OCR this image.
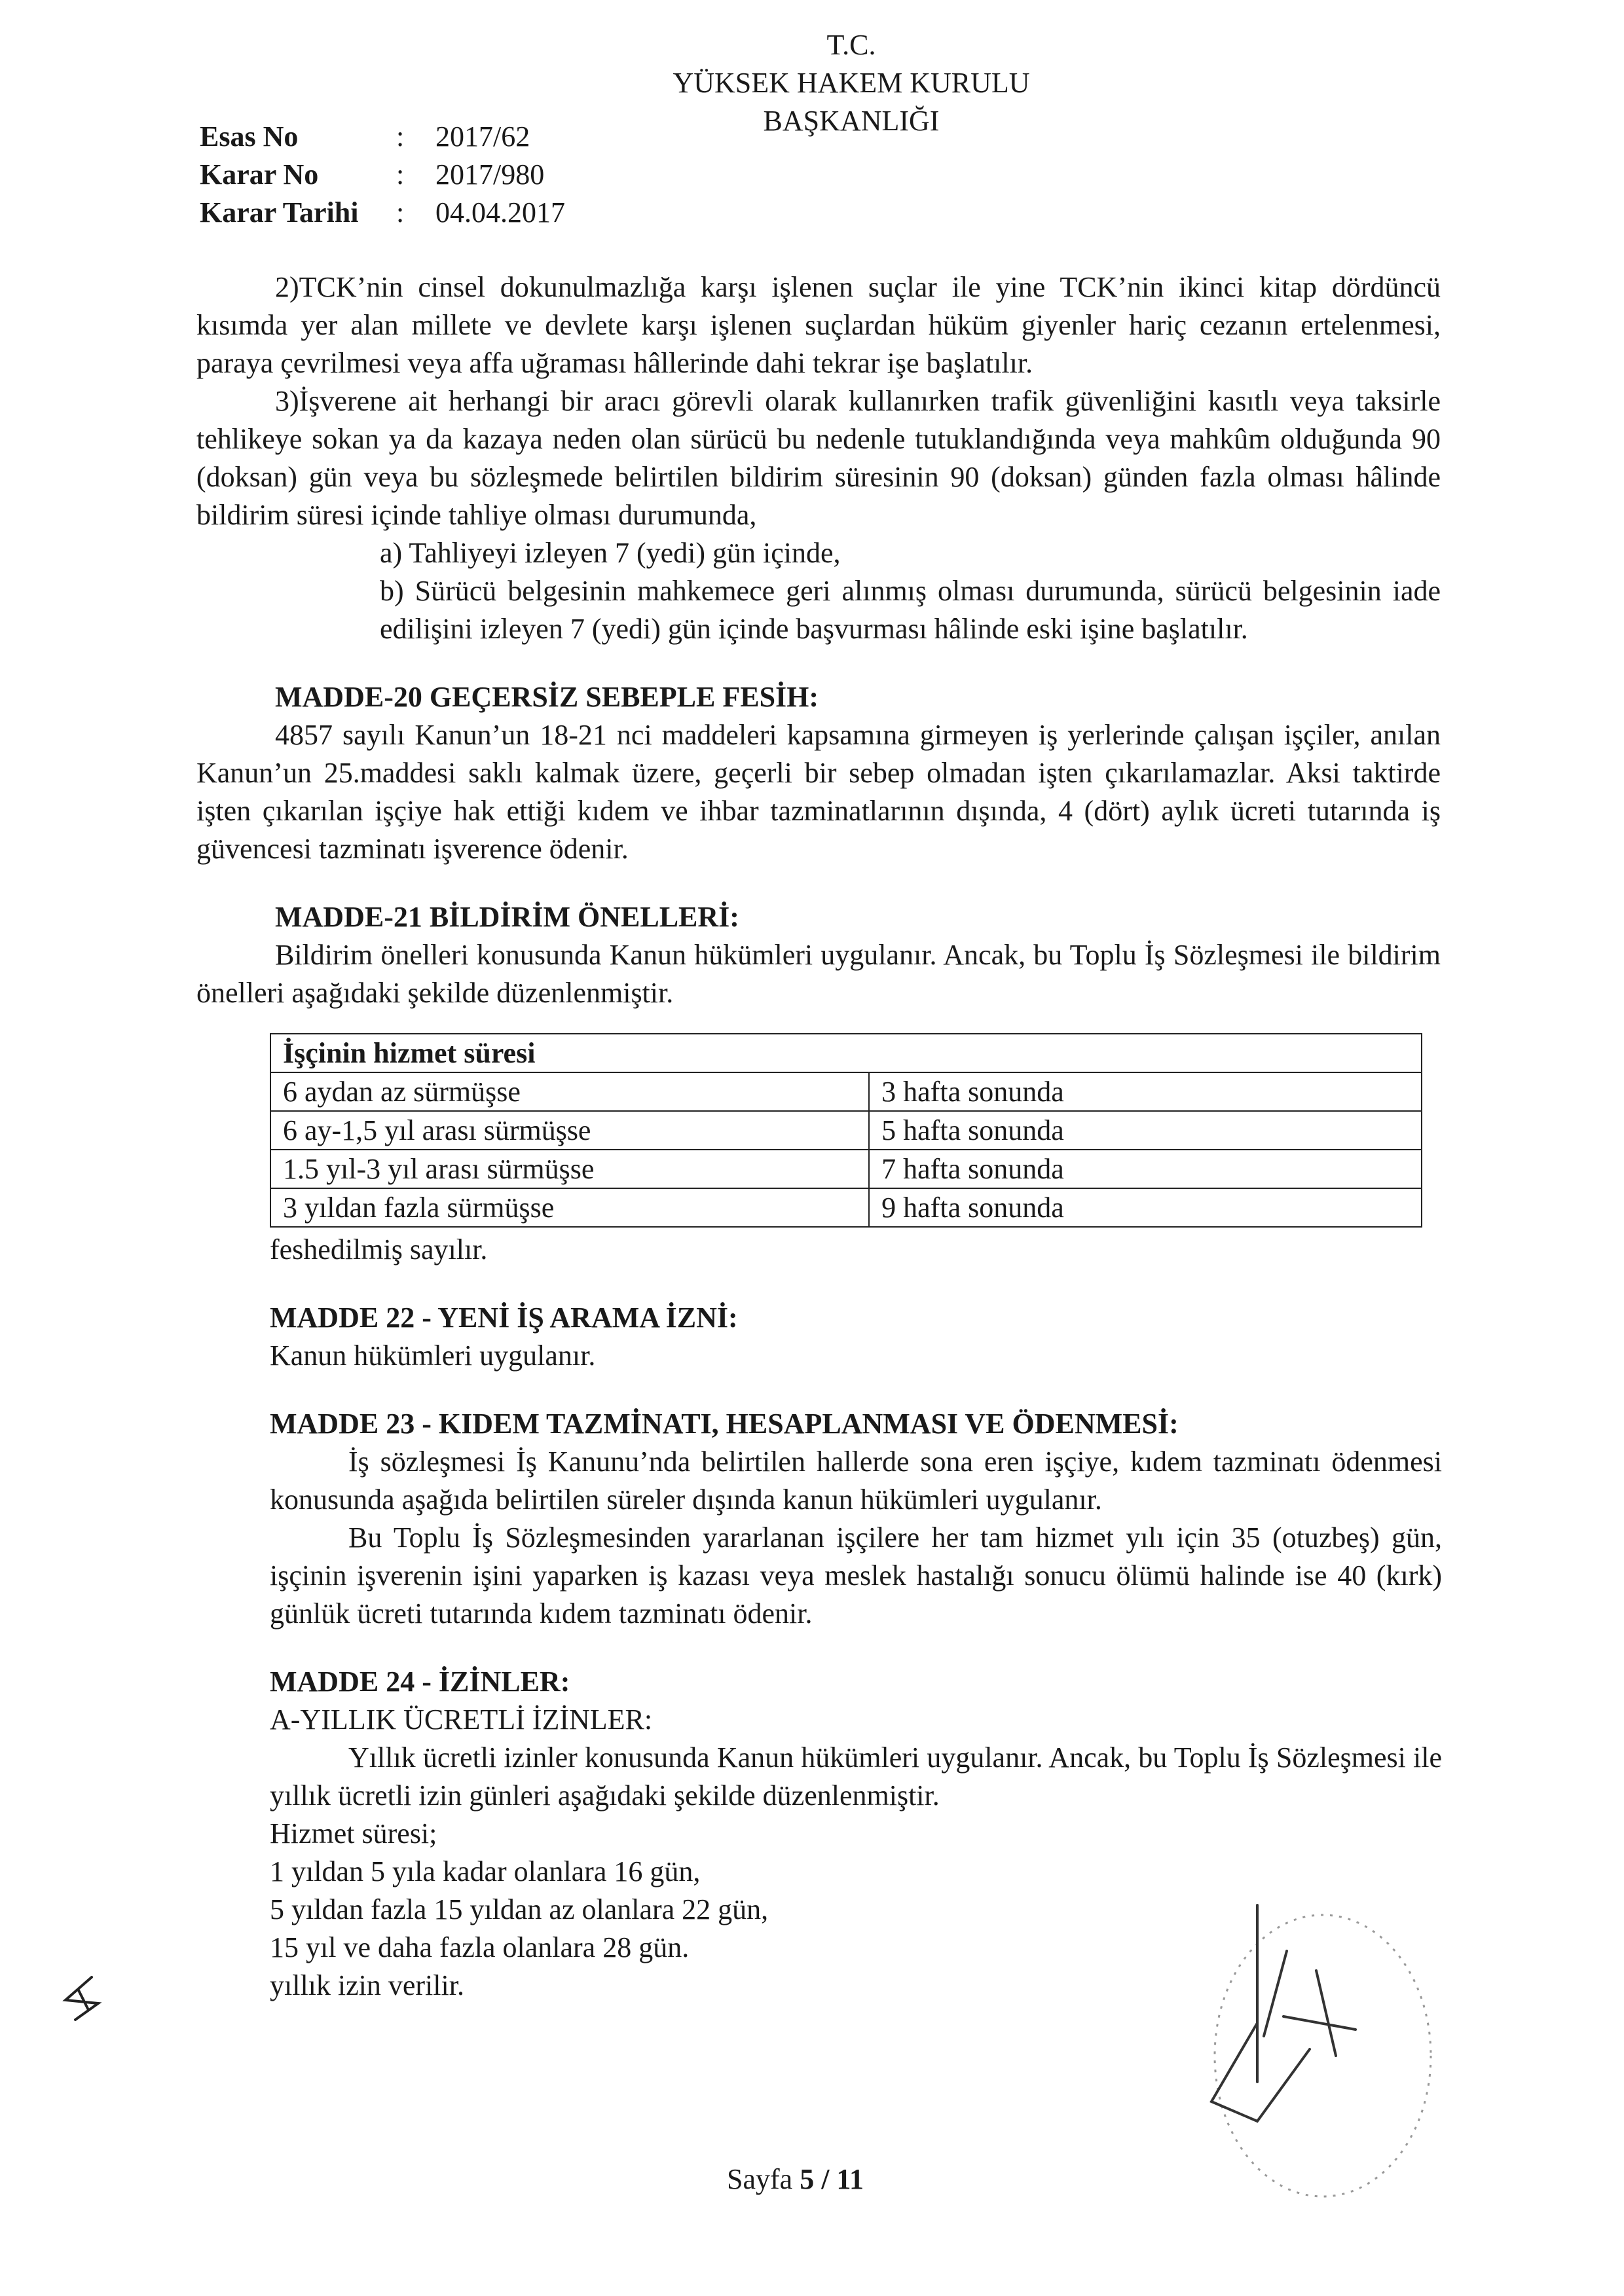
T.C.
YÜKSEK HAKEM KURULU
BAŞKANLIĞI
Esas No	: 2017/62
Karar No	: 2017/980
Karar Tarihi : 04.04.2017

2)TCK’nin cinsel dokunulmazlığa karşı işlenen suçlar ile yine TCK’nin ikinci kitap dördüncü kısımda yer alan millete ve devlete karşı işlenen suçlardan hüküm giyenler hariç cezanın ertelenmesi, paraya çevrilmesi veya affa uğraması hâllerinde dahi tekrar işe başlatılır.

3)İşverene ait herhangi bir aracı görevli olarak kullanırken trafik güvenliğini kasıtlı veya taksirle tehlikeye sokan ya da kazaya neden olan sürücü bu nedenle tutuklandığında veya mahkûm olduğunda 90 (doksan) gün veya bu sözleşmede belirtilen bildirim süresinin 90 (doksan) günden fazla olması hâlinde bildirim süresi içinde tahliye olması durumunda,

a) Tahliyeyi izleyen 7 (yedi) gün içinde,

b) Sürücü belgesinin mahkemece geri alınmış olması durumunda, sürücü belgesinin iade edilişini izleyen 7 (yedi) gün içinde başvurması hâlinde eski işine başlatılır.

MADDE-20 GEÇERSİZ SEBEPLE FESİH:

4857 sayılı Kanun’un 18-21 nci maddeleri kapsamına girmeyen iş yerlerinde çalışan işçiler, anılan Kanun’un 25.maddesi saklı kalmak üzere, geçerli bir sebep olmadan işten çıkarılamazlar. Aksi taktirde işten çıkarılan işçiye hak ettiği kıdem ve ihbar tazminatlarının dışında, 4 (dört) aylık ücreti tutarında iş güvencesi tazminatı işverence ödenir.

MADDE-21 BİLDİRİM ÖNELLERİ:

Bildirim önelleri konusunda Kanun hükümleri uygulanır. Ancak, bu Toplu İş Sözleşmesi ile bildirim önelleri aşağıdaki şekilde düzenlenmiştir.

İşçinin hizmet süresi	
6 aydan az sürmüşse	3 hafta sonunda
6 ay-1,5 yıl arası sürmüşse	5 hafta sonunda
1.5 yıl-3 yıl arası sürmüşse	7 hafta sonunda
3 yıldan fazla sürmüşse	9 hafta sonunda

feshedilmiş sayılır.

MADDE 22 - YENİ İŞ ARAMA İZNİ:

Kanun hükümleri uygulanır.

MADDE 23 - KIDEM TAZMİNATI, HESAPLANMASI VE ÖDENMESİ:

İş sözleşmesi İş Kanunu’nda belirtilen hallerde sona eren işçiye, kıdem tazminatı ödenmesi konusunda aşağıda belirtilen süreler dışında kanun hükümleri uygulanır.

Bu Toplu İş Sözleşmesinden yararlanan işçilere her tam hizmet yılı için 35 (otuzbeş) gün, işçinin işverenin işini yaparken iş kazası veya meslek hastalığı sonucu ölümü halinde ise 40 (kırk) günlük ücreti tutarında kıdem tazminatı ödenir.

MADDE 24 - İZİNLER:

A-YILLIK ÜCRETLİ İZİNLER:

Yıllık ücretli izinler konusunda Kanun hükümleri uygulanır. Ancak, bu Toplu İş Sözleşmesi ile yıllık ücretli izin günleri aşağıdaki şekilde düzenlenmiştir.

Hizmet süresi;

1 yıldan 5 yıla kadar olanlara 16 gün,

5 yıldan fazla 15 yıldan az olanlara 22 gün,

15 yıl ve daha fazla olanlara 28 gün.

yıllık izin verilir.

Sayfa 5 / 11
